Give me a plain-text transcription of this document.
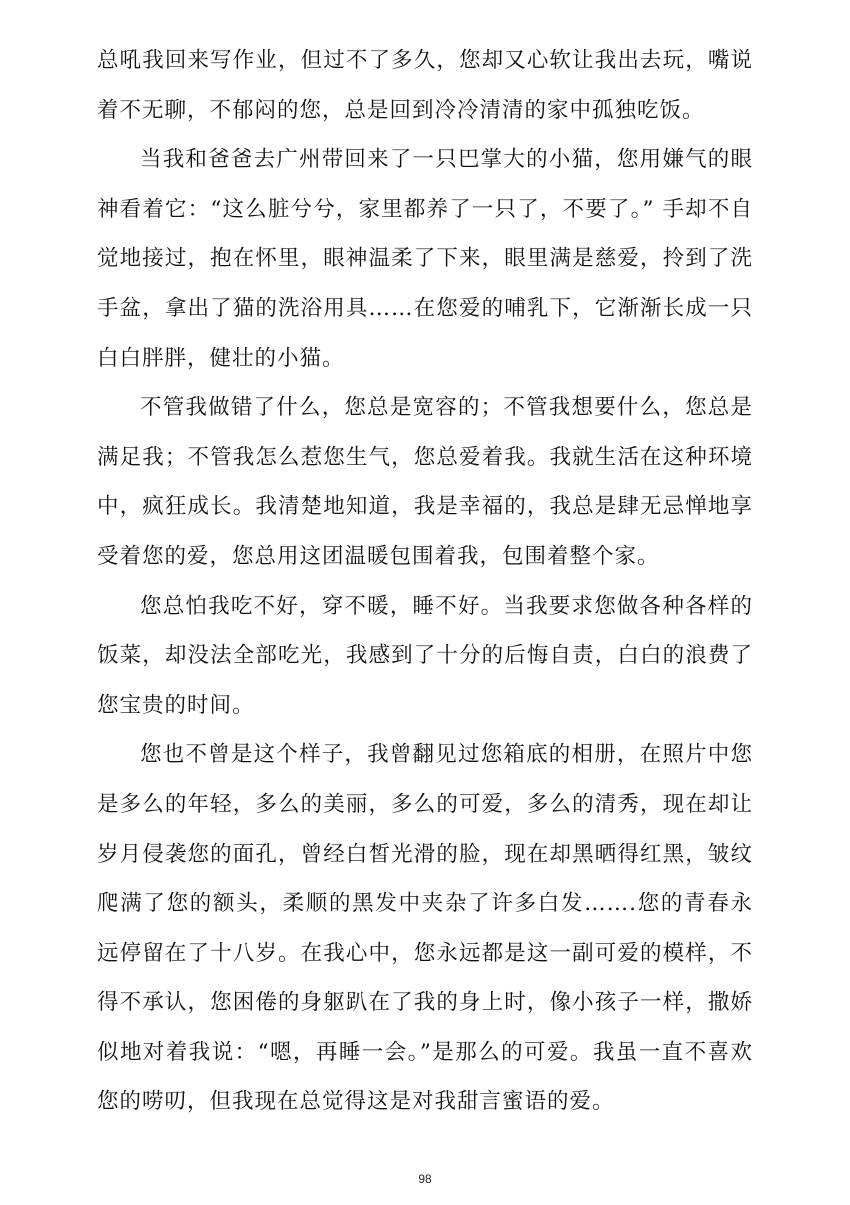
总吼我回来写作业，但过不了多久，您却又心软让我出去玩，嘴说着不无聊，不郁闷的您，总是回到冷冷清清的家中孤独吃饭。

当我和爸爸去广州带回来了一只巴掌大的小猫，您用嫌气的眼神看着它：“这么脏兮兮，家里都养了一只了，不要了。” 手却不自觉地接过，抱在怀里，眼神温柔了下来，眼里满是慈爱，拎到了洗手盆，拿出了猫的洗浴用具……在您爱的哺乳下，它渐渐长成一只白白胖胖，健壮的小猫。

不管我做错了什么，您总是宽容的；不管我想要什么，您总是满足我；不管我怎么惹您生气，您总爱着我。我就生活在这种环境中，疯狂成长。我清楚地知道，我是幸福的，我总是肆无忌惮地享受着您的爱，您总用这团温暖包围着我，包围着整个家。

您总怕我吃不好，穿不暖，睡不好。当我要求您做各种各样的饭菜，却没法全部吃光，我感到了十分的后悔自责，白白的浪费了您宝贵的时间。

您也不曾是这个样子，我曾翻见过您箱底的相册，在照片中您是多么的年轻，多么的美丽，多么的可爱，多么的清秀，现在却让岁月侵袭您的面孔，曾经白皙光滑的脸，现在却黑晒得红黑，皱纹爬满了您的额头，柔顺的黑发中夹杂了许多白发…….您的青春永远停留在了十八岁。在我心中，您永远都是这一副可爱的模样，不得不承认，您困倦的身躯趴在了我的身上时，像小孩子一样，撒娇似地对着我说：“嗯，再睡一会。”是那么的可爱。我虽一直不喜欢您的唠叨，但我现在总觉得这是对我甜言蜜语的爱。

98
